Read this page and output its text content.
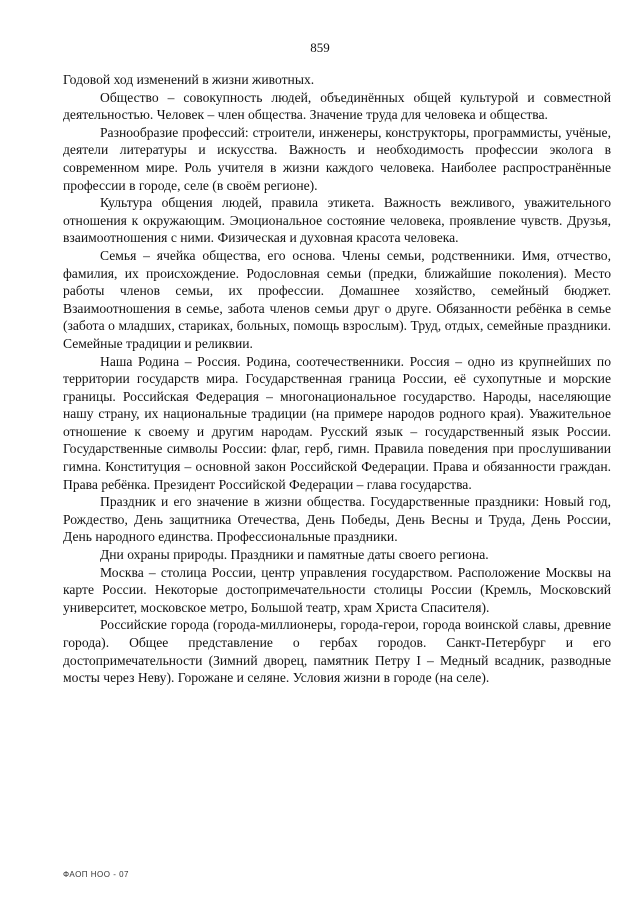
859

Годовой ход изменений в жизни животных.

Общество – совокупность людей, объединённых общей культурой и совместной деятельностью. Человек – член общества. Значение труда для человека и общества.

Разнообразие профессий: строители, инженеры, конструкторы, программисты, учёные, деятели литературы и искусства. Важность и необходимость профессии эколога в современном мире. Роль учителя в жизни каждого человека. Наиболее распространённые профессии в городе, селе (в своём регионе).

Культура общения людей, правила этикета. Важность вежливого, уважительного отношения к окружающим. Эмоциональное состояние человека, проявление чувств. Друзья, взаимоотношения с ними. Физическая и духовная красота человека.

Семья – ячейка общества, его основа. Члены семьи, родственники. Имя, отчество, фамилия, их происхождение. Родословная семьи (предки, ближайшие поколения). Место работы членов семьи, их профессии. Домашнее хозяйство, семейный бюджет. Взаимоотношения в семье, забота членов семьи друг о друге. Обязанности ребёнка в семье (забота о младших, стариках, больных, помощь взрослым). Труд, отдых, семейные праздники. Семейные традиции и реликвии.

Наша Родина – Россия. Родина, соотечественники. Россия – одно из крупнейших по территории государств мира. Государственная граница России, её сухопутные и морские границы. Российская Федерация – многонациональное государство. Народы, населяющие нашу страну, их национальные традиции (на примере народов родного края). Уважительное отношение к своему и другим народам. Русский язык – государственный язык России. Государственные символы России: флаг, герб, гимн. Правила поведения при прослушивании гимна. Конституция – основной закон Российской Федерации. Права и обязанности граждан. Права ребёнка. Президент Российской Федерации – глава государства.

Праздник и его значение в жизни общества. Государственные праздники: Новый год, Рождество, День защитника Отечества, День Победы, День Весны и Труда, День России, День народного единства. Профессиональные праздники.

Дни охраны природы. Праздники и памятные даты своего региона.

Москва – столица России, центр управления государством. Расположение Москвы на карте России. Некоторые достопримечательности столицы России (Кремль, Московский университет, московское метро, Большой театр, храм Христа Спасителя).

Российские города (города-миллионеры, города-герои, города воинской славы, древние города). Общее представление о гербах городов. Санкт-Петербург и его достопримечательности (Зимний дворец, памятник Петру I – Медный всадник, разводные мосты через Неву). Горожане и селяне. Условия жизни в городе (на селе).

ФАОП НОО - 07
